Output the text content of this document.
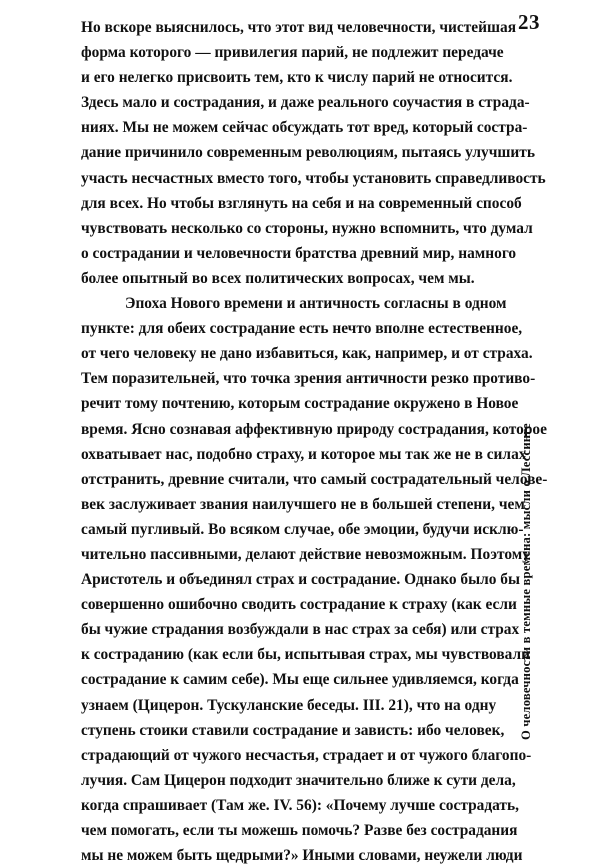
23
Но вскоре выяснилось, что этот вид человечности, чистейшая
форма которого — привилегия парий, не подлежит передаче
и его нелегко присвоить тем, кто к числу парий не относится.
Здесь мало и сострадания, и даже реального соучастия в страда-
ниях. Мы не можем сейчас обсуждать тот вред, который состра-
дание причинило современным революциям, пытаясь улучшить
участь несчастных вместо того, чтобы установить справедливость
для всех. Но чтобы взглянуть на себя и на современный способ
чувствовать несколько со стороны, нужно вспомнить, что думал
о сострадании и человечности братства древний мир, намного
более опытный во всех политических вопросах, чем мы.
Эпоха Нового времени и античность согласны в одном
пункте: для обеих сострадание есть нечто вполне естественное,
от чего человеку не дано избавиться, как, например, и от страха.
Тем поразительней, что точка зрения античности резко противо-
речит тому почтению, которым сострадание окружено в Новое
время. Ясно сознавая аффективную природу сострадания, которое
охватывает нас, подобно страху, и которое мы так же не в силах
отстранить, древние считали, что самый сострадательный челове-
век заслуживает звания наилучшего не в большей степени, чем
самый пугливый. Во всяком случае, обе эмоции, будучи исклю-
чительно пассивными, делают действие невозможным. Поэтому
Аристотель и объединял страх и сострадание. Однако было бы
совершенно ошибочно сводить сострадание к страху (как если
бы чужие страдания возбуждали в нас страх за себя) или страх
к состраданию (как если бы, испытывая страх, мы чувствовали
сострадание к самим себе). Мы еще сильнее удивляемся, когда
узнаем (Цицерон. Тускуланские беседы. III. 21), что на одну
ступень стоики ставили сострадание и зависть: ибо человек,
страдающий от чужого несчастья, страдает и от чужого благопо-
лучия. Сам Цицерон подходит значительно ближе к сути дела,
когда спрашивает (Там же. IV. 56): «Почему лучше сострадать,
чем помогать, если ты можешь помочь? Разве без сострадания
мы не можем быть щедрыми?» Иными словами, неужели люди
О человечности в темные времена: мысли о Лессинге
